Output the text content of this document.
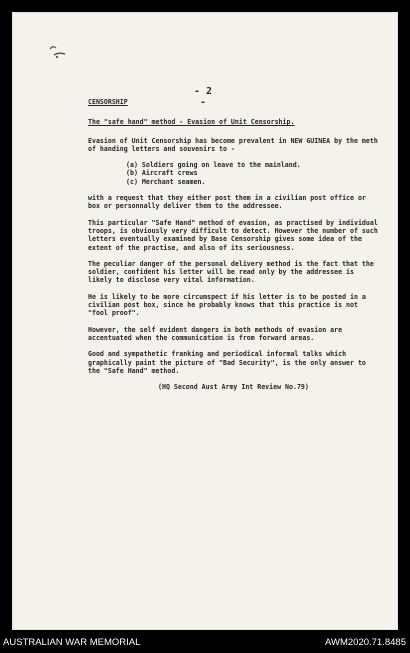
- 2 -
CENSORSHIP
The "safe hand" method - Evasion of Unit Censorship.

Evasion of Unit Censorship has become prevalent in NEW GUINEA by the meth of handing letters and souvenirs to -

(a) Soldiers going on leave to the mainland.
(b) Aircraft crews
(c) Merchant seamen.

with a request that they either post them in a civilian post office or box or personnally deliver them to the addressee.

This particular "Safe Hand" method of evasion, as practised by individual troops, is obviously very difficult to detect. However the number of such letters eventually examined by Base Censorship gives some idea of the extent of the practise, and also of its seriousness.

The peculiar danger of the personal delivery method is the fact that the soldier, confident his letter will be read only by the addressee is likely to disclose very vital information.

He is likely to be more circumspect if his letter is to be posted in a civilian post box, since he probably knows that this practice is not "fool proof".

However, the self evident dangers in both methods of evasion are accentuated when the communication is from forward areas.

Good and sympathetic franking and periodical informal talks which graphically paint the picture of "Bad Security", is the only answer to the "Safe Hand" method.

(HQ Second Aust Army Int Review No.79)
AUSTRALIAN WAR MEMORIAL	AWM2020.71.8485
